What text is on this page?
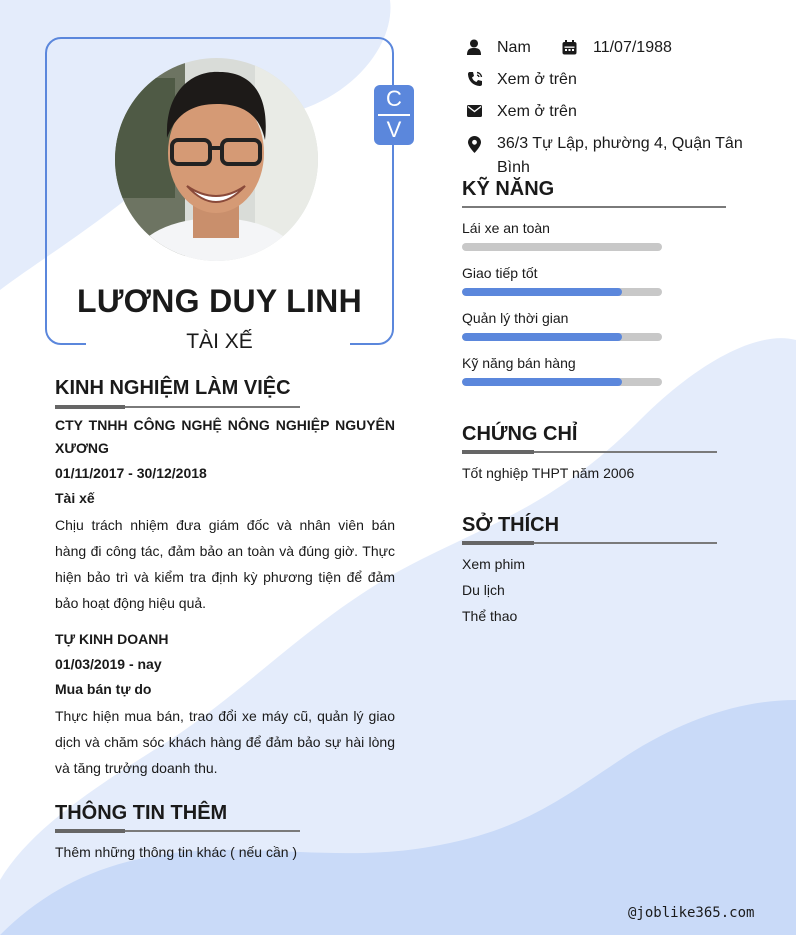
C
V
LƯƠNG DUY LINH
TÀI XẾ
KINH NGHIỆM LÀM VIỆC
CTY TNHH CÔNG NGHỆ NÔNG NGHIỆP NGUYÊN XƯƠNG
01/11/2017 - 30/12/2018
Tài xế
Chịu trách nhiệm đưa giám đốc và nhân viên bán hàng đi công tác, đảm bảo an toàn và đúng giờ. Thực hiện bảo trì và kiểm tra định kỳ phương tiện để đảm bảo hoạt động hiệu quả.
TỰ KINH DOANH
01/03/2019 - nay
Mua bán tự do
Thực hiện mua bán, trao đổi xe máy cũ, quản lý giao dịch và chăm sóc khách hàng để đảm bảo sự hài lòng và tăng trưởng doanh thu.
THÔNG TIN THÊM
Thêm những thông tin khác ( nếu cần )
Nam	11/07/1988
Xem ở trên
Xem ở trên
36/3 Tự Lập, phường 4, Quận Tân Bình
KỸ NĂNG
Lái xe an toàn
Giao tiếp tốt
Quản lý thời gian
Kỹ năng bán hàng
CHỨNG CHỈ
Tốt nghiệp THPT năm 2006
SỞ THÍCH
Xem phim
Du lịch
Thể thao
@joblike365.com
